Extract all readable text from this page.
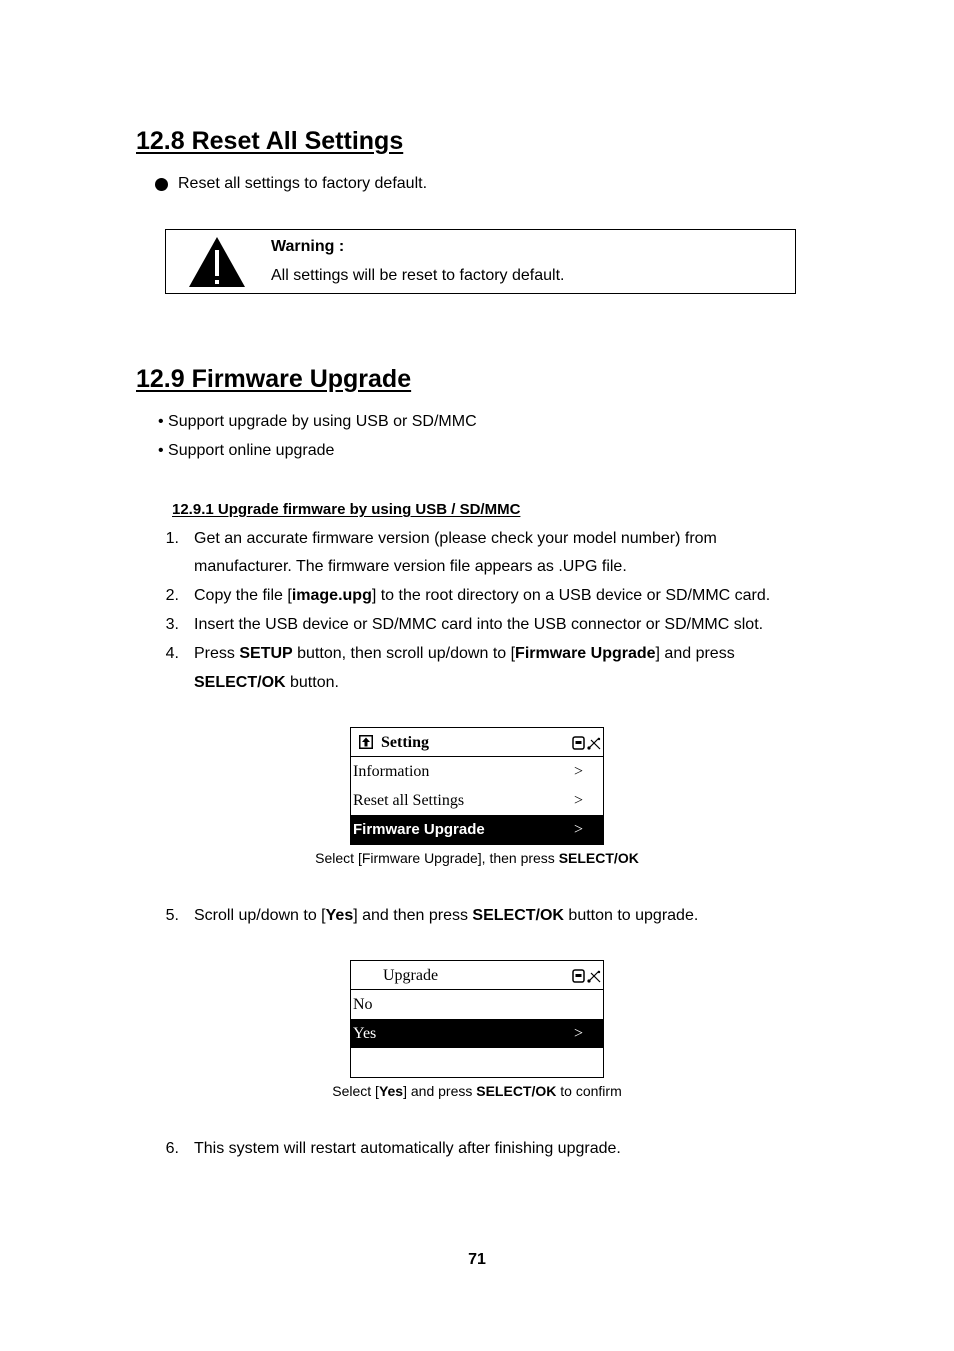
12.8 Reset All Settings
Reset all settings to factory default.
Warning :
All settings will be reset to factory default.
12.9 Firmware Upgrade
• Support upgrade by using USB or SD/MMC
• Support online upgrade
12.9.1 Upgrade firmware by using USB / SD/MMC
1. Get an accurate firmware version (please check your model number) from
manufacturer. The firmware version file appears as .UPG file.
2. Copy the file [image.upg] to the root directory on a USB device or SD/MMC card.
3. Insert the USB device or SD/MMC card into the USB connector or SD/MMC slot.
4. Press SETUP button, then scroll up/down to [Firmware Upgrade] and press
SELECT/OK button.
Setting
Information	>
Reset all Settings	>
Firmware Upgrade	>
Select [Firmware Upgrade], then press SELECT/OK
5. Scroll up/down to [Yes] and then press SELECT/OK button to upgrade.
Upgrade
No
Yes	>
Select [Yes] and press SELECT/OK to confirm
6. This system will restart automatically after finishing upgrade.
71
